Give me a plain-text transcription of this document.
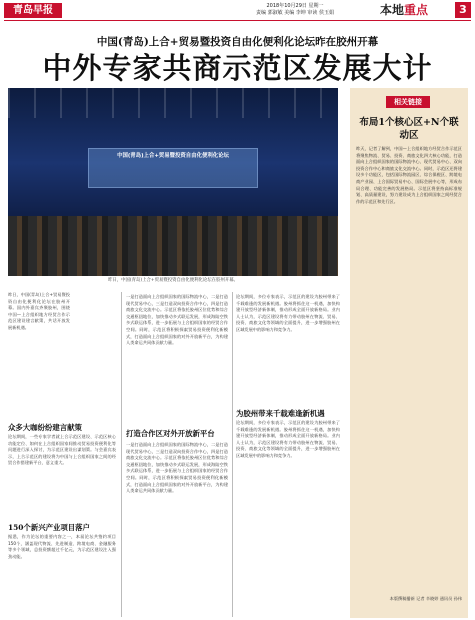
青岛早报	2018年10月29日 星期一
责编 郭淑敏 美编 李坤 审读 侯玉娟	本地重点	3
中国(青岛)上合+贸易暨投资自由化便利化论坛昨在胶州开幕
中外专家共商示范区发展大计
中国(青岛)上合+贸易暨投资自由化便利化论坛
昨日，中国(青岛)上合+贸易暨投资自由化便利化论坛在胶州开幕。
昨日，中国(青岛)上合+贸易暨投资自由化便利化论坛在胶州开幕。国内外嘉宾齐聚胶州，围绕中国—上合组织地方经贸合作示范区建设建言献策，共话开放发展新机遇。
众多大咖纷纷建言献策
论坛期间，一些专家学者就上合示范区建设、示范区核心功能定位、如何在上合组织国家间推动贸易投资便利化等问题进行深入探讨，为示范区建设出谋划策。与会嘉宾表示，上合示范区的建设将为中国与上合组织国家之间的经贸合作搭建新平台，意义重大。
150个新兴产业项目落户
据悉，作为论坛的重要内容之一，本届论坛共签约项目150个，涵盖现代物流、先进制造、跨境电商、金融服务等多个领域，总投资额超过千亿元，为示范区建设注入强劲动能。
打造合作区对外开放新平台
一是打造面向上合组织国家的国际物流中心，二是打造现代贸易中心，三是打造双向投资合作中心，四是打造商旅文化交流中心。示范区将依托胶州区位优势和综合交通枢纽地位，加快推动多式联运发展，形成海陆空铁多式联运体系，进一步拓展与上合组织国家的经贸合作空间。同时，示范区将积极探索贸易投资便利化新模式，打造面向上合组织国家的对外开放新平台，为构建人类命运共同体贡献力量。
一是打造面向上合组织国家的国际物流中心，二是打造现代贸易中心，三是打造双向投资合作中心，四是打造商旅文化交流中心。示范区将依托胶州区位优势和综合交通枢纽地位，加快推动多式联运发展，形成海陆空铁多式联运体系，进一步拓展与上合组织国家的经贸合作空间。同时，示范区将积极探索贸易投资便利化新模式，打造面向上合组织国家的对外开放新平台，为构建人类命运共同体贡献力量。
论坛期间，多位专家表示，示范区的建设为胶州带来了千载难逢的发展新机遇。胶州将抓住这一机遇，加快构建开放型经济新体制，推动形成全面开放新格局。业内人士认为，示范区建设将有力带动胶州在物流、贸易、投资、商旅文化等领域的全面提升，进一步增强胶州在区域发展中的影响力和竞争力。
为胶州带来千载难逢新机遇
论坛期间，多位专家表示，示范区的建设为胶州带来了千载难逢的发展新机遇。胶州将抓住这一机遇，加快构建开放型经济新体制，推动形成全面开放新格局。业内人士认为，示范区建设将有力带动胶州在物流、贸易、投资、商旅文化等领域的全面提升，进一步增强胶州在区域发展中的影响力和竞争力。
相关链接
布局1个核心区+N个联动区
昨天，记者了解到，中国—上合组织地方经贸合作示范区将聚焦物流、贸易、投资、商旅文化四大核心功能，打造面向上合组织国家的国际物流中心、现代贸易中心、双向投资合作中心和商旅文化交流中心。同时，示范区还将建设多个功能区，包括国际物流园区、综合保税区、跨境电商产业园、上合国际贸易中心、国际会展中心等，形成布局合理、功能完善的发展格局。示范区将坚持高标准规划、高质量建设，努力建设成为上合组织国家之间经贸合作的示范区和先行区。
本版撰稿播新 记者 辛晓婷 通讯员 孙伟
